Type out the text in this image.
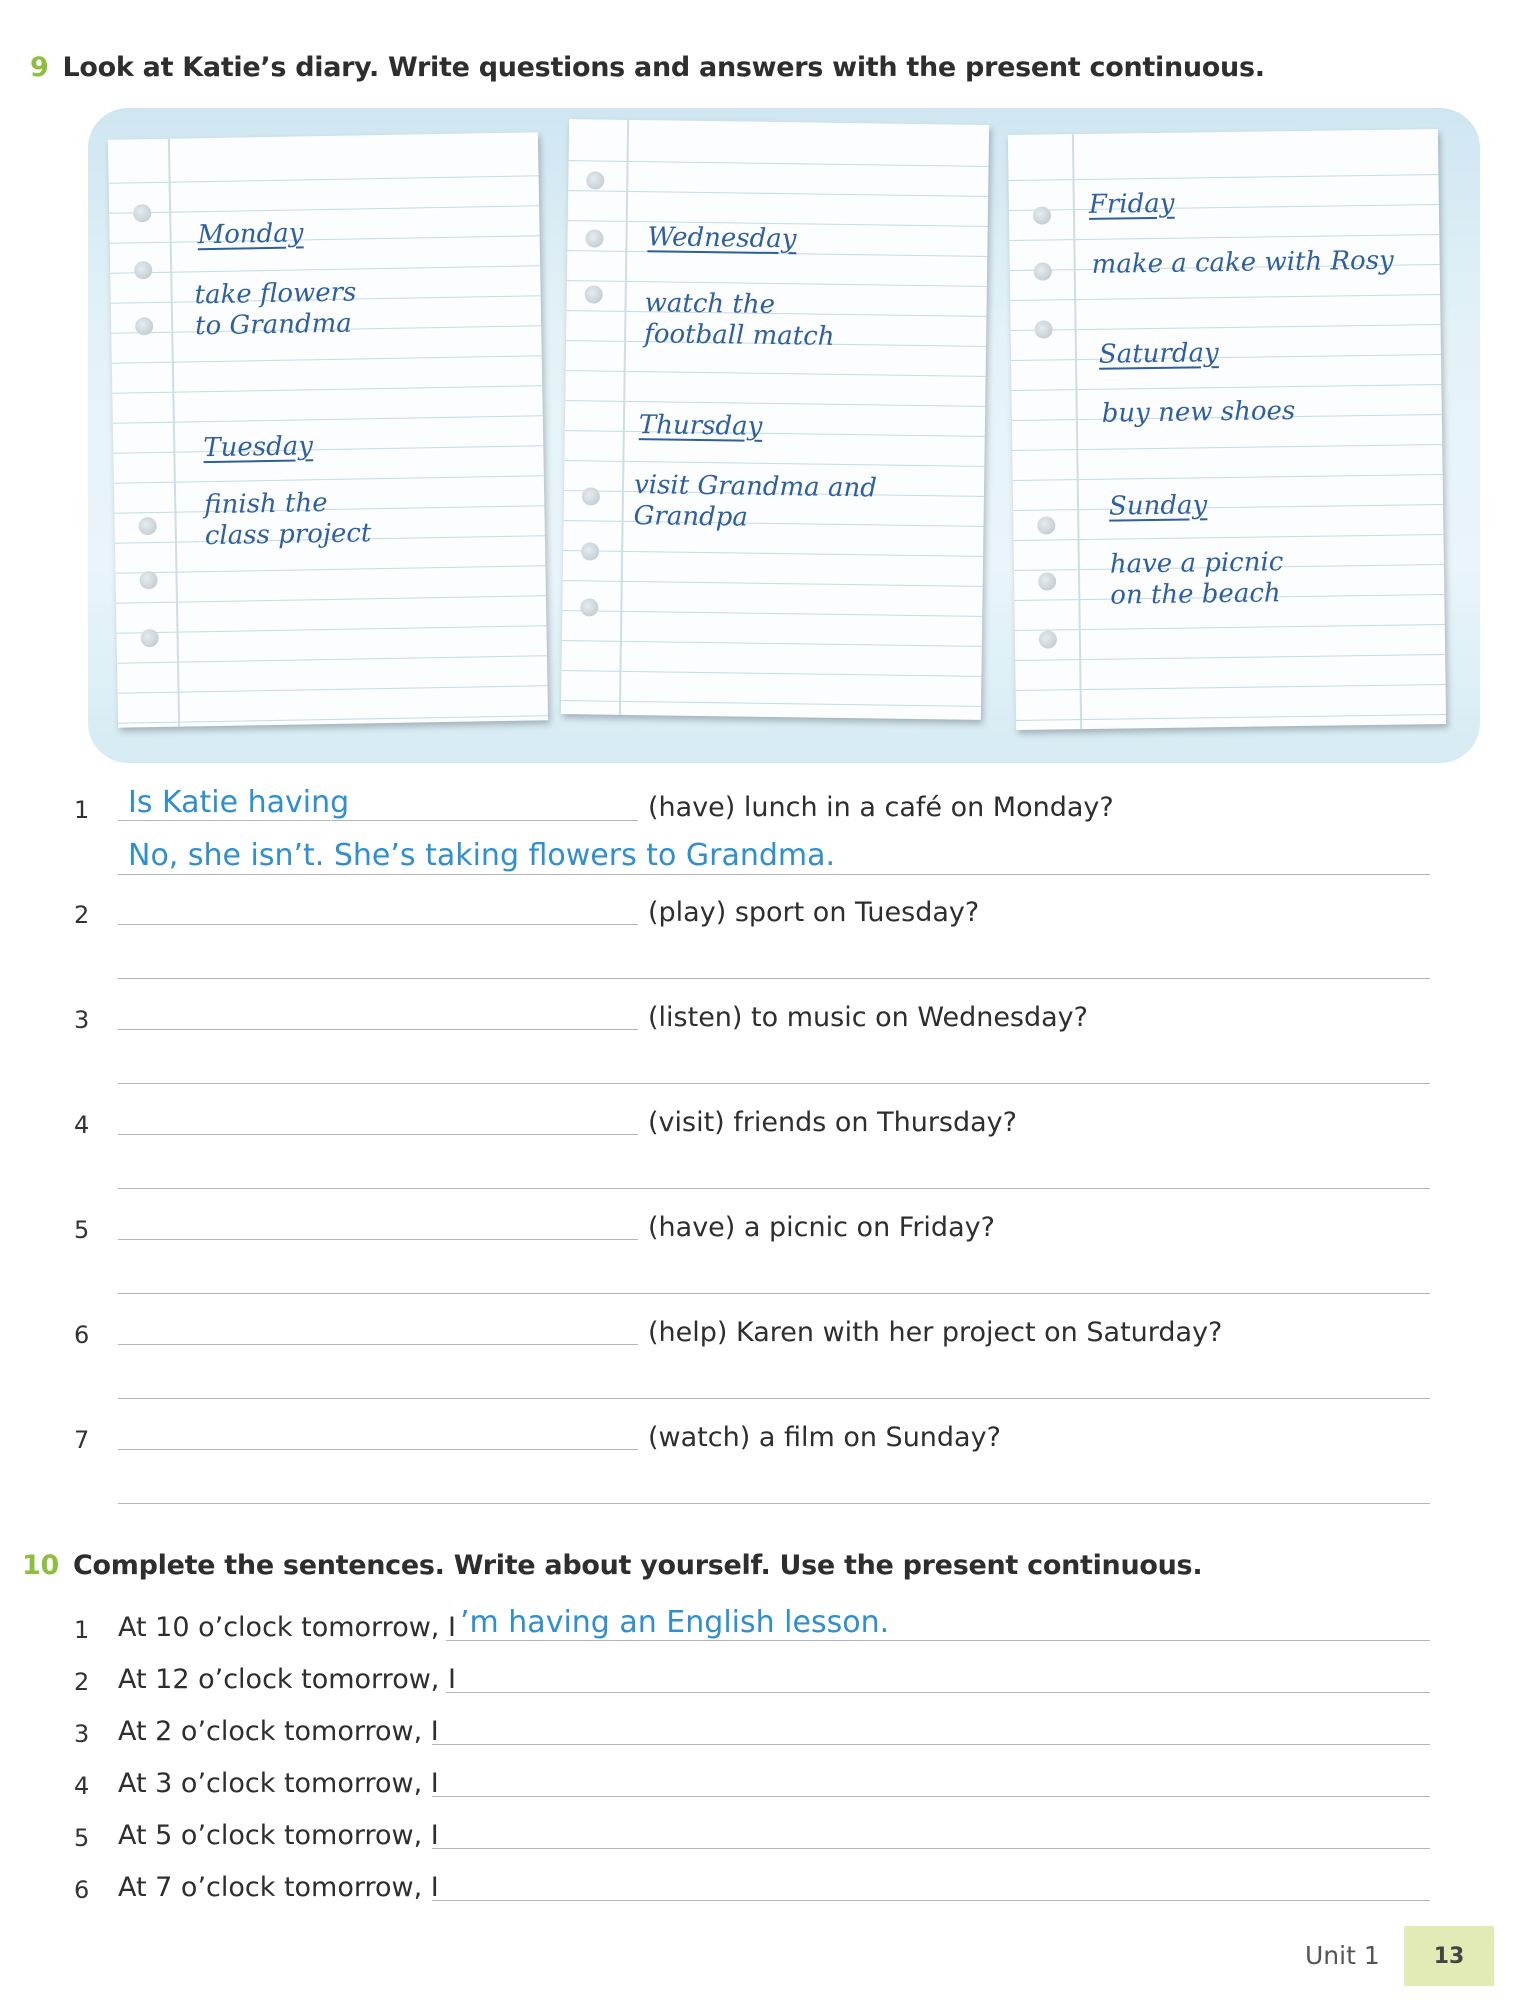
9 Look at Katie’s diary. Write questions and answers with the present continuous.
Monday
take flowers
to Grandma
Tuesday
finish the
class project
Wednesday
watch the
football match
Thursday
visit Grandma and
Grandpa
Friday
make a cake with Rosy
Saturday
buy new shoes
Sunday
have a picnic
on the beach
1 Is Katie having	(have) lunch in a café on Monday?
No, she isn’t. She’s taking flowers to Grandma.
2	(play) sport on Tuesday?
3	(listen) to music on Wednesday?
4	(visit) friends on Thursday?
5	(have) a picnic on Friday?
6	(help) Karen with her project on Saturday?
7	(watch) a film on Sunday?
10 Complete the sentences. Write about yourself. Use the present continuous.
1 At 10 o’clock tomorrow, I ’m having an English lesson.
2 At 12 o’clock tomorrow, I
3 At 2 o’clock tomorrow, I
4 At 3 o’clock tomorrow, I
5 At 5 o’clock tomorrow, I
6 At 7 o’clock tomorrow, I
Unit 1	13
